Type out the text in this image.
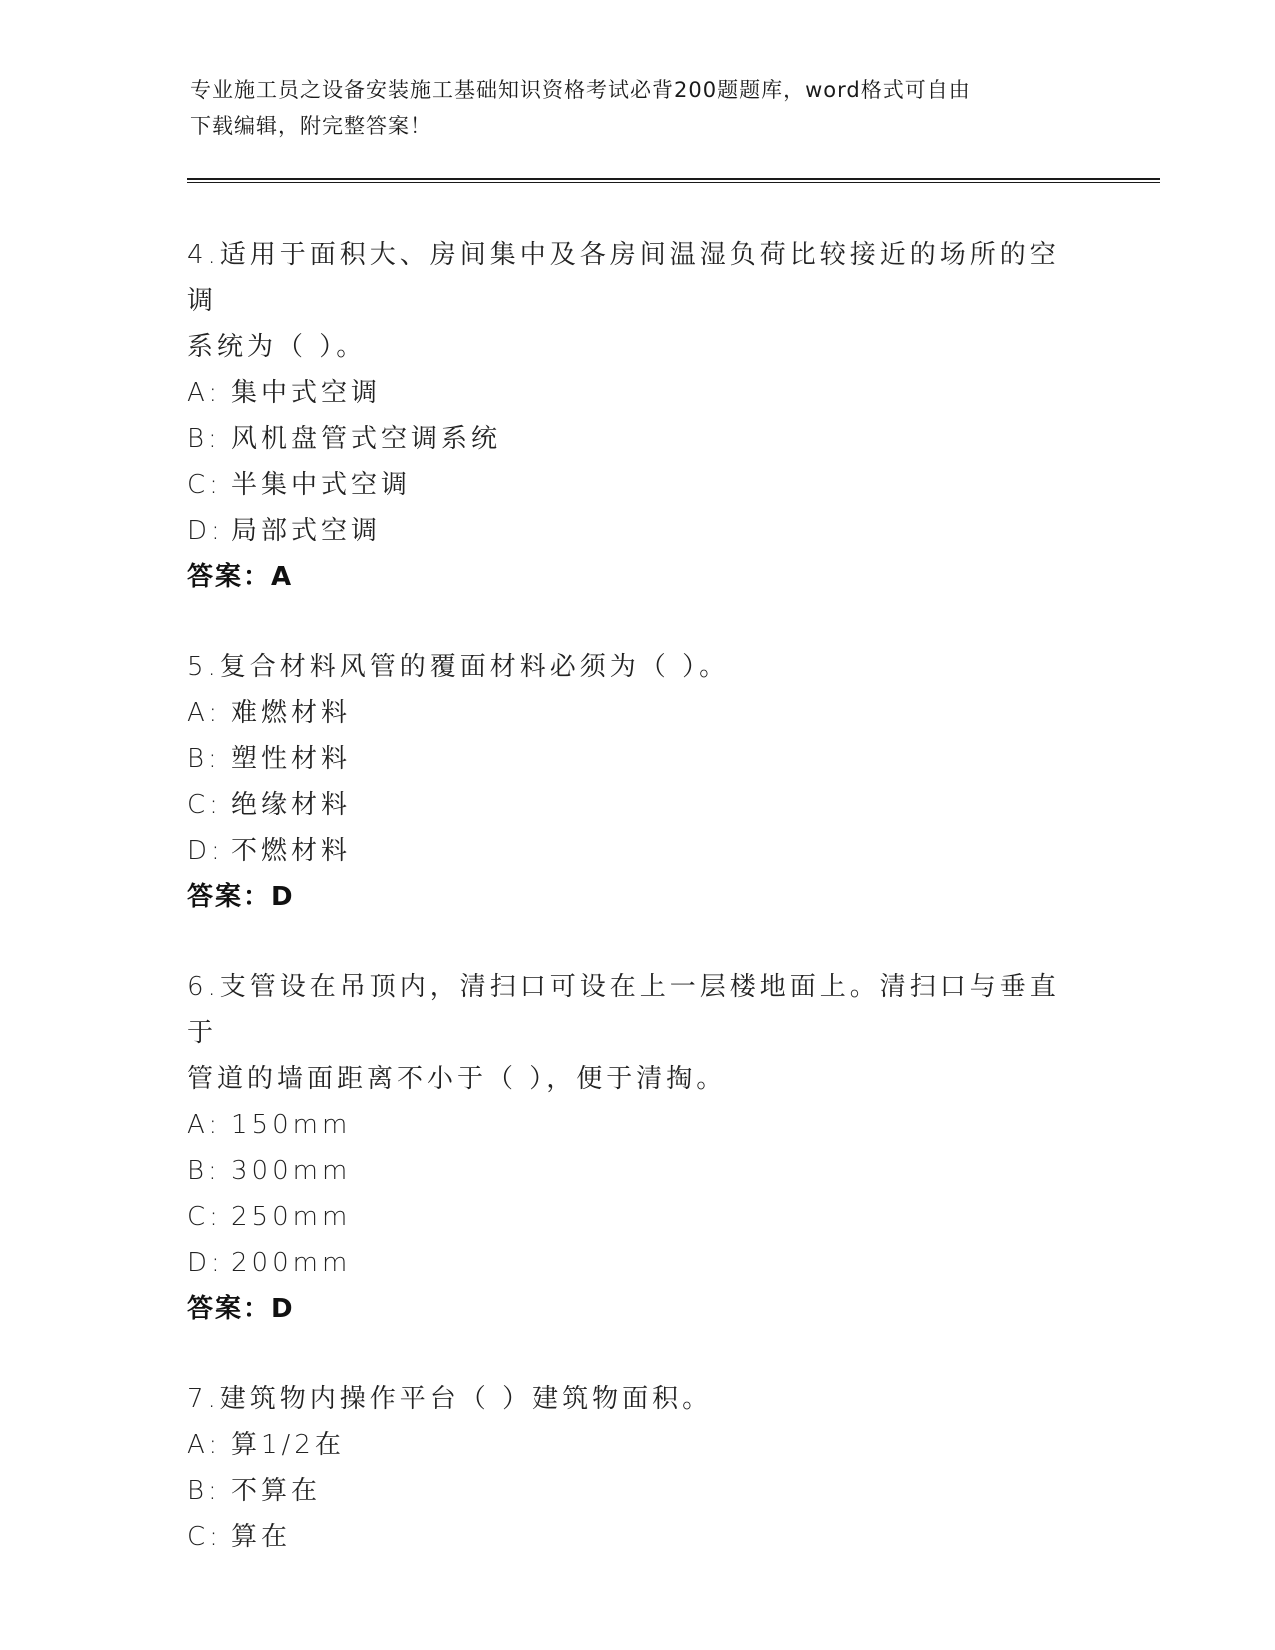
专业施工员之设备安装施工基础知识资格考试必背200题题库，word格式可自由
下载编辑，附完整答案！
4.适用于面积大、房间集中及各房间温湿负荷比较接近的场所的空调
系统为（ ）。
A: 集中式空调
B: 风机盘管式空调系统
C: 半集中式空调
D: 局部式空调
答案：A
5.复合材料风管的覆面材料必须为（ ）。
A: 难燃材料
B: 塑性材料
C: 绝缘材料
D: 不燃材料
答案：D
6.支管设在吊顶内，清扫口可设在上一层楼地面上。清扫口与垂直于
管道的墙面距离不小于（ ），便于清掏。
A: 150mm
B: 300mm
C: 250mm
D: 200mm
答案：D
7.建筑物内操作平台（ ）建筑物面积。
A: 算1/2在
B: 不算在
C: 算在
